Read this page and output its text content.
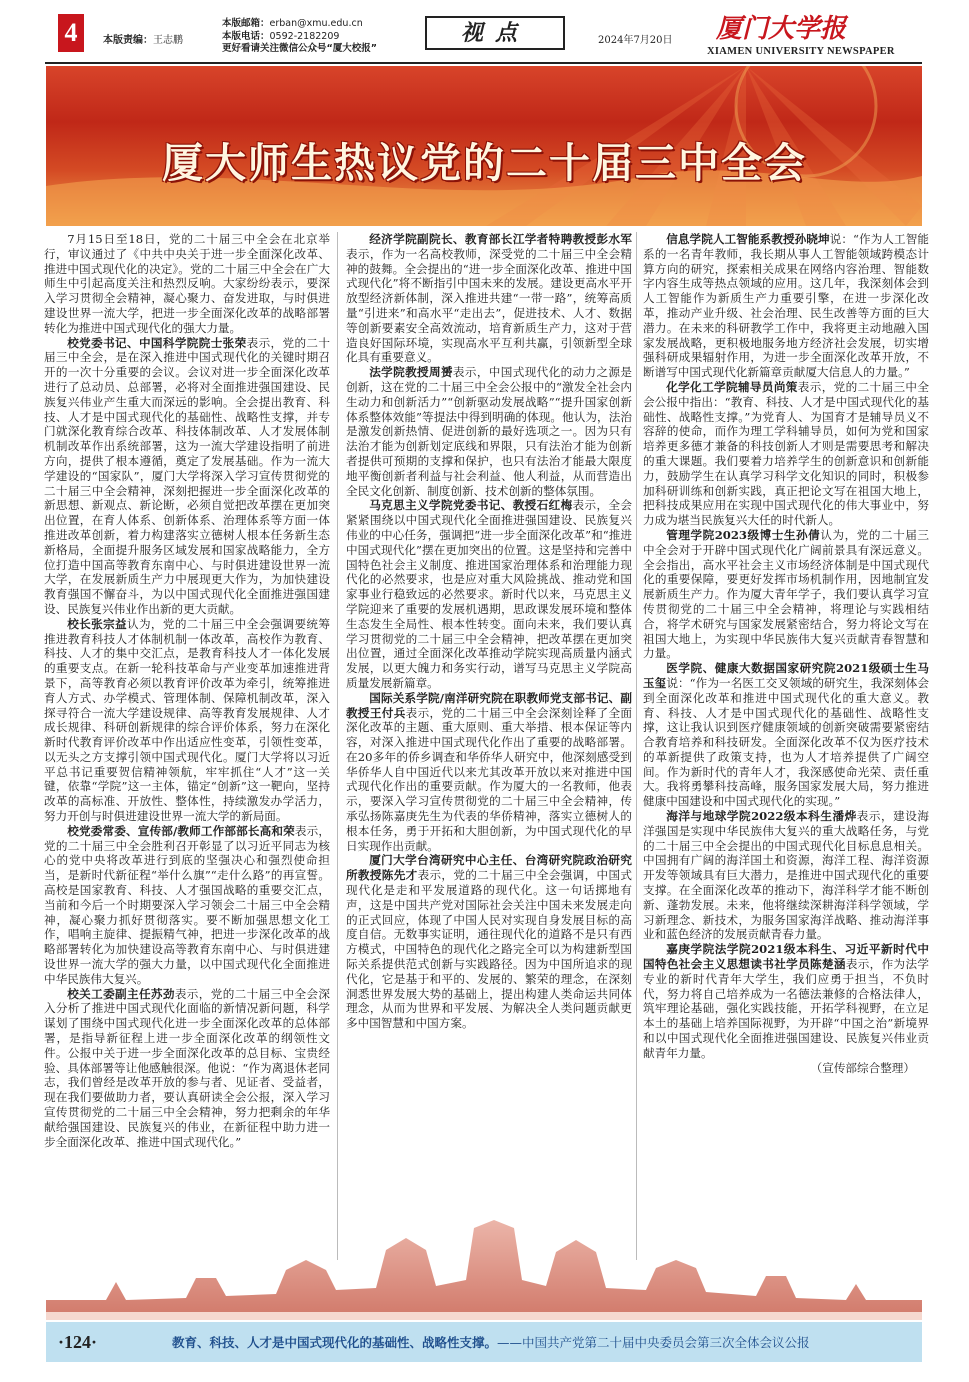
4	本版责编：王志鹏
本版邮箱：erban@xmu.edu.cn
本版电话：0592-2182209
更好看请关注微信公众号“厦大校报”
视点	2024年7月20日 厦门大学报
XIAMEN UNIVERSITY NEWSPAPER
厦大师生热议党的二十届三中全会

7月15日至18日，党的二十届三中全会在北京举行，审议通过了《中共中央关于进一步全面深化改革、推进中国式现代化的决定》。党的二十届三中全会在广大师生中引起高度关注和热烈反响。大家纷纷表示，要深入学习贯彻全会精神，凝心聚力、奋发进取，与时俱进建设世界一流大学，把进一步全面深化改革的战略部署转化为推进中国式现代化的强大力量。

校党委书记、中国科学院院士张荣表示，党的二十届三中全会，是在深入推进中国式现代化的关键时期召开的一次十分重要的会议。会议对进一步全面深化改革进行了总动员、总部署，必将对全面推进强国建设、民族复兴伟业产生重大而深远的影响。全会提出教育、科技、人才是中国式现代化的基础性、战略性支撑，并专门就深化教育综合改革、科技体制改革、人才发展体制机制改革作出系统部署，这为一流大学建设指明了前进方向，提供了根本遵循，奠定了发展基础。作为一流大学建设的“国家队”，厦门大学将深入学习宣传贯彻党的二十届三中全会精神，深刻把握进一步全面深化改革的新思想、新观点、新论断，必须自觉把改革摆在更加突出位置，在育人体系、创新体系、治理体系等方面一体推进改革创新，着力构建落实立德树人根本任务新生态新格局，全面提升服务区域发展和国家战略能力，全方位打造中国高等教育东南中心、与时俱进建设世界一流大学，在发展新质生产力中展现更大作为，为加快建设教育强国不懈奋斗，为以中国式现代化全面推进强国建设、民族复兴伟业作出新的更大贡献。

校长张宗益认为，党的二十届三中全会强调要统筹推进教育科技人才体制机制一体改革，高校作为教育、科技、人才的集中交汇点，是教育科技人才一体化发展的重要支点。在新一轮科技革命与产业变革加速推进背景下，高等教育必须以教育评价改革为牵引，统筹推进育人方式、办学模式、管理体制、保障机制改革，深入探寻符合一流大学建设规律、高等教育发展规律、人才成长规律、科研创新规律的综合评价体系，努力在深化新时代教育评价改革中作出适应性变革，引领性变革，以无头之方支撑引领中国式现代化。厦门大学将以习近平总书记重要贺信精神领航，牢牢抓住“人才”这一关键，依靠“学院”这一主体，锚定“创新”这一靶向，坚持改革的高标准、开放性、整体性，持续激发办学活力，努力开创与时俱进建设世界一流大学的新局面。

校党委常委、宣传部/教师工作部部长高和荣表示，党的二十届三中全会胜利召开彰显了以习近平同志为核心的党中央将改革进行到底的坚强决心和强烈使命担当，是新时代新征程“举什么旗”“走什么路”的再宣誓。高校是国家教育、科技、人才强国战略的重要交汇点，当前和今后一个时期要深入学习领会二十届三中全会精神，凝心聚力抓好贯彻落实。要不断加强思想文化工作，唱响主旋律、提振精气神，把进一步深化改革的战略部署转化为加快建设高等教育东南中心、与时俱进建设世界一流大学的强大力量，以中国式现代化全面推进中华民族伟大复兴。

校关工委副主任苏劲表示，党的二十届三中全会深入分析了推进中国式现代化面临的新情况新问题，科学谋划了围绕中国式现代化进一步全面深化改革的总体部署，是指导新征程上进一步全面深化改革的纲领性文件。公报中关于进一步全面深化改革的总目标、宝贵经验、具体部署等让他感触很深。他说：“作为离退休老同志，我们曾经是改革开放的参与者、见证者、受益者，现在我们要做助力者，要认真研读全会公报，深入学习宣传贯彻党的二十届三中全会精神，努力把剩余的年华献给强国建设、民族复兴的伟业，在新征程中助力进一步全面深化改革、推进中国式现代化。”

经济学院副院长、教育部长江学者特聘教授彭水军表示，作为一名高校教师，深受党的二十届三中全会精神的鼓舞。全会提出的“进一步全面深化改革、推进中国式现代化”将不断指引中国未来的发展。建设更高水平开放型经济新体制，深入推进共建“一带一路”，统筹高质量“引进来”和高水平“走出去”，促进技术、人才、数据等创新要素安全高效流动，培育新质生产力，这对于营造良好国际环境，实现高水平互利共赢，引领新型全球化具有重要意义。

法学院教授周赟表示，中国式现代化的动力之源是创新，这在党的二十届三中全会公报中的“激发全社会内生动力和创新活力”“创新驱动发展战略”“提升国家创新体系整体效能”等提法中得到明确的体现。他认为，法治是激发创新热情、促进创新的最好选项之一。因为只有法治才能为创新划定底线和界限，只有法治才能为创新者提供可预期的支撑和保护，也只有法治才能最大限度地平衡创新者利益与社会利益、他人利益，从而营造出全民文化创新、制度创新、技术创新的整体氛围。

马克思主义学院党委书记、教授石红梅表示，全会紧紧围绕以中国式现代化全面推进强国建设、民族复兴伟业的中心任务，强调把“进一步全面深化改革”和“推进中国式现代化”摆在更加突出的位置。这是坚持和完善中国特色社会主义制度、推进国家治理体系和治理能力现代化的必然要求，也是应对重大风险挑战、推动党和国家事业行稳致远的必然要求。新时代以来，马克思主义学院迎来了重要的发展机遇期，思政课发展环境和整体生态发生全局性、根本性转变。面向未来，我们要认真学习贯彻党的二十届三中全会精神，把改革摆在更加突出位置，通过全面深化改革推动学院实现高质量内涵式发展，以更大魄力和务实行动，谱写马克思主义学院高质量发展新篇章。

国际关系学院/南洋研究院在职教师党支部书记、副教授王付兵表示，党的二十届三中全会深刻诠释了全面深化改革的主题、重大原则、重大举措、根本保证等内容，对深入推进中国式现代化作出了重要的战略部署。在20多年的侨乡调查和华侨华人研究中，他深刻感受到华侨华人自中国近代以来尤其改革开放以来对推进中国式现代化作出的重要贡献。作为厦大的一名教师，他表示，要深入学习宣传贯彻党的二十届三中全会精神，传承弘扬陈嘉庚先生为代表的华侨精神，落实立德树人的根本任务，勇于开拓和大胆创新，为中国式现代化的早日实现作出贡献。

厦门大学台湾研究中心主任、台湾研究院政治研究所教授陈先才表示，党的二十届三中全会强调，中国式现代化是走和平发展道路的现代化。这一句话掷地有声，这是中国共产党对国际社会关注中国未来发展走向的正式回应，体现了中国人民对实现自身发展目标的高度自信。无数事实证明，通往现代化的道路不是只有西方模式，中国特色的现代化之路完全可以为构建新型国际关系提供范式创新与实践路径。因为中国所追求的现代化，它是基于和平的、发展的、繁荣的理念，在深刻洞悉世界发展大势的基础上，提出构建人类命运共同体理念，从而为世界和平发展、为解决全人类问题贡献更多中国智慧和中国方案。

信息学院人工智能系教授孙晓坤说：“作为人工智能系的一名青年教师，我长期从事人工智能领域跨模态计算方向的研究，探索相关成果在网络内容治理、智能数字内容生成等热点领域的应用。这几年，我深刻体会到人工智能作为新质生产力重要引擎，在进一步深化改革，推动产业升级、社会治理、民生改善等方面的巨大潜力。在未来的科研教学工作中，我将更主动地融入国家发展战略，更积极地服务地方经济社会发展，切实增强科研成果辐射作用，为进一步全面深化改革开放，不断谱写中国式现代化新篇章贡献厦大信息人的力量。”

化学化工学院辅导员尚策表示，党的二十届三中全会公报中指出：“教育、科技、人才是中国式现代化的基础性、战略性支撑。”为党育人、为国育才是辅导员义不容辞的使命，而作为理工学科辅导员，如何为党和国家培养更多德才兼备的科技创新人才则是需要思考和解决的重大课题。我们要着力培养学生的创新意识和创新能力，鼓励学生在认真学习科学文化知识的同时，积极参加科研训练和创新实践，真正把论文写在祖国大地上，把科技成果应用在实现中国式现代化的伟大事业中，努力成为堪当民族复兴大任的时代新人。

管理学院2023级博士生孙倩认为，党的二十届三中全会对于开辟中国式现代化广阔前景具有深远意义。全会指出，高水平社会主义市场经济体制是中国式现代化的重要保障，要更好发挥市场机制作用，因地制宜发展新质生产力。作为厦大青年学子，我们要认真学习宣传贯彻党的二十届三中全会精神，将理论与实践相结合，将学术研究与国家发展紧密结合，努力将论文写在祖国大地上，为实现中华民族伟大复兴贡献青春智慧和力量。

医学院、健康大数据国家研究院2021级硕士生马玉玺说：“作为一名医工交叉领域的研究生，我深刻体会到全面深化改革和推进中国式现代化的重大意义。教育、科技、人才是中国式现代化的基础性、战略性支撑，这让我认识到医疗健康领域的创新突破需要紧密结合教育培养和科技研发。全面深化改革不仅为医疗技术的革新提供了政策支持，也为人才培养提供了广阔空间。作为新时代的青年人才，我深感使命光荣、责任重大。我将勇攀科技高峰，服务国家发展大局，努力推进健康中国建设和中国式现代化的实现。”

海洋与地球学院2022级本科生潘烨表示，建设海洋强国是实现中华民族伟大复兴的重大战略任务，与党的二十届三中全会提出的中国式现代化目标息息相关。中国拥有广阔的海洋国土和资源，海洋工程、海洋资源开发等领域具有巨大潜力，是推进中国式现代化的重要支撑。在全面深化改革的推动下，海洋科学才能不断创新、蓬勃发展。未来，他将继续深耕海洋科学领域，学习新理念、新技术，为服务国家海洋战略、推动海洋事业和蓝色经济的发展贡献青春力量。

嘉庚学院法学院2021级本科生、习近平新时代中国特色社会主义思想读书社学员陈楚涵表示，作为法学专业的新时代青年大学生，我们应勇于担当，不负时代，努力将自己培养成为一名德法兼修的合格法律人，筑牢理论基础，强化实践技能，开拓学科视野，在立足本土的基础上培养国际视野，为开辟“中国之治”新境界和以中国式现代化全面推进强国建设、民族复兴伟业贡献青年力量。

（宣传部综合整理）

·124·	教育、科技、人才是中国式现代化的基础性、战略性支撑。——中国共产党第二十届中央委员会第三次全体会议公报
